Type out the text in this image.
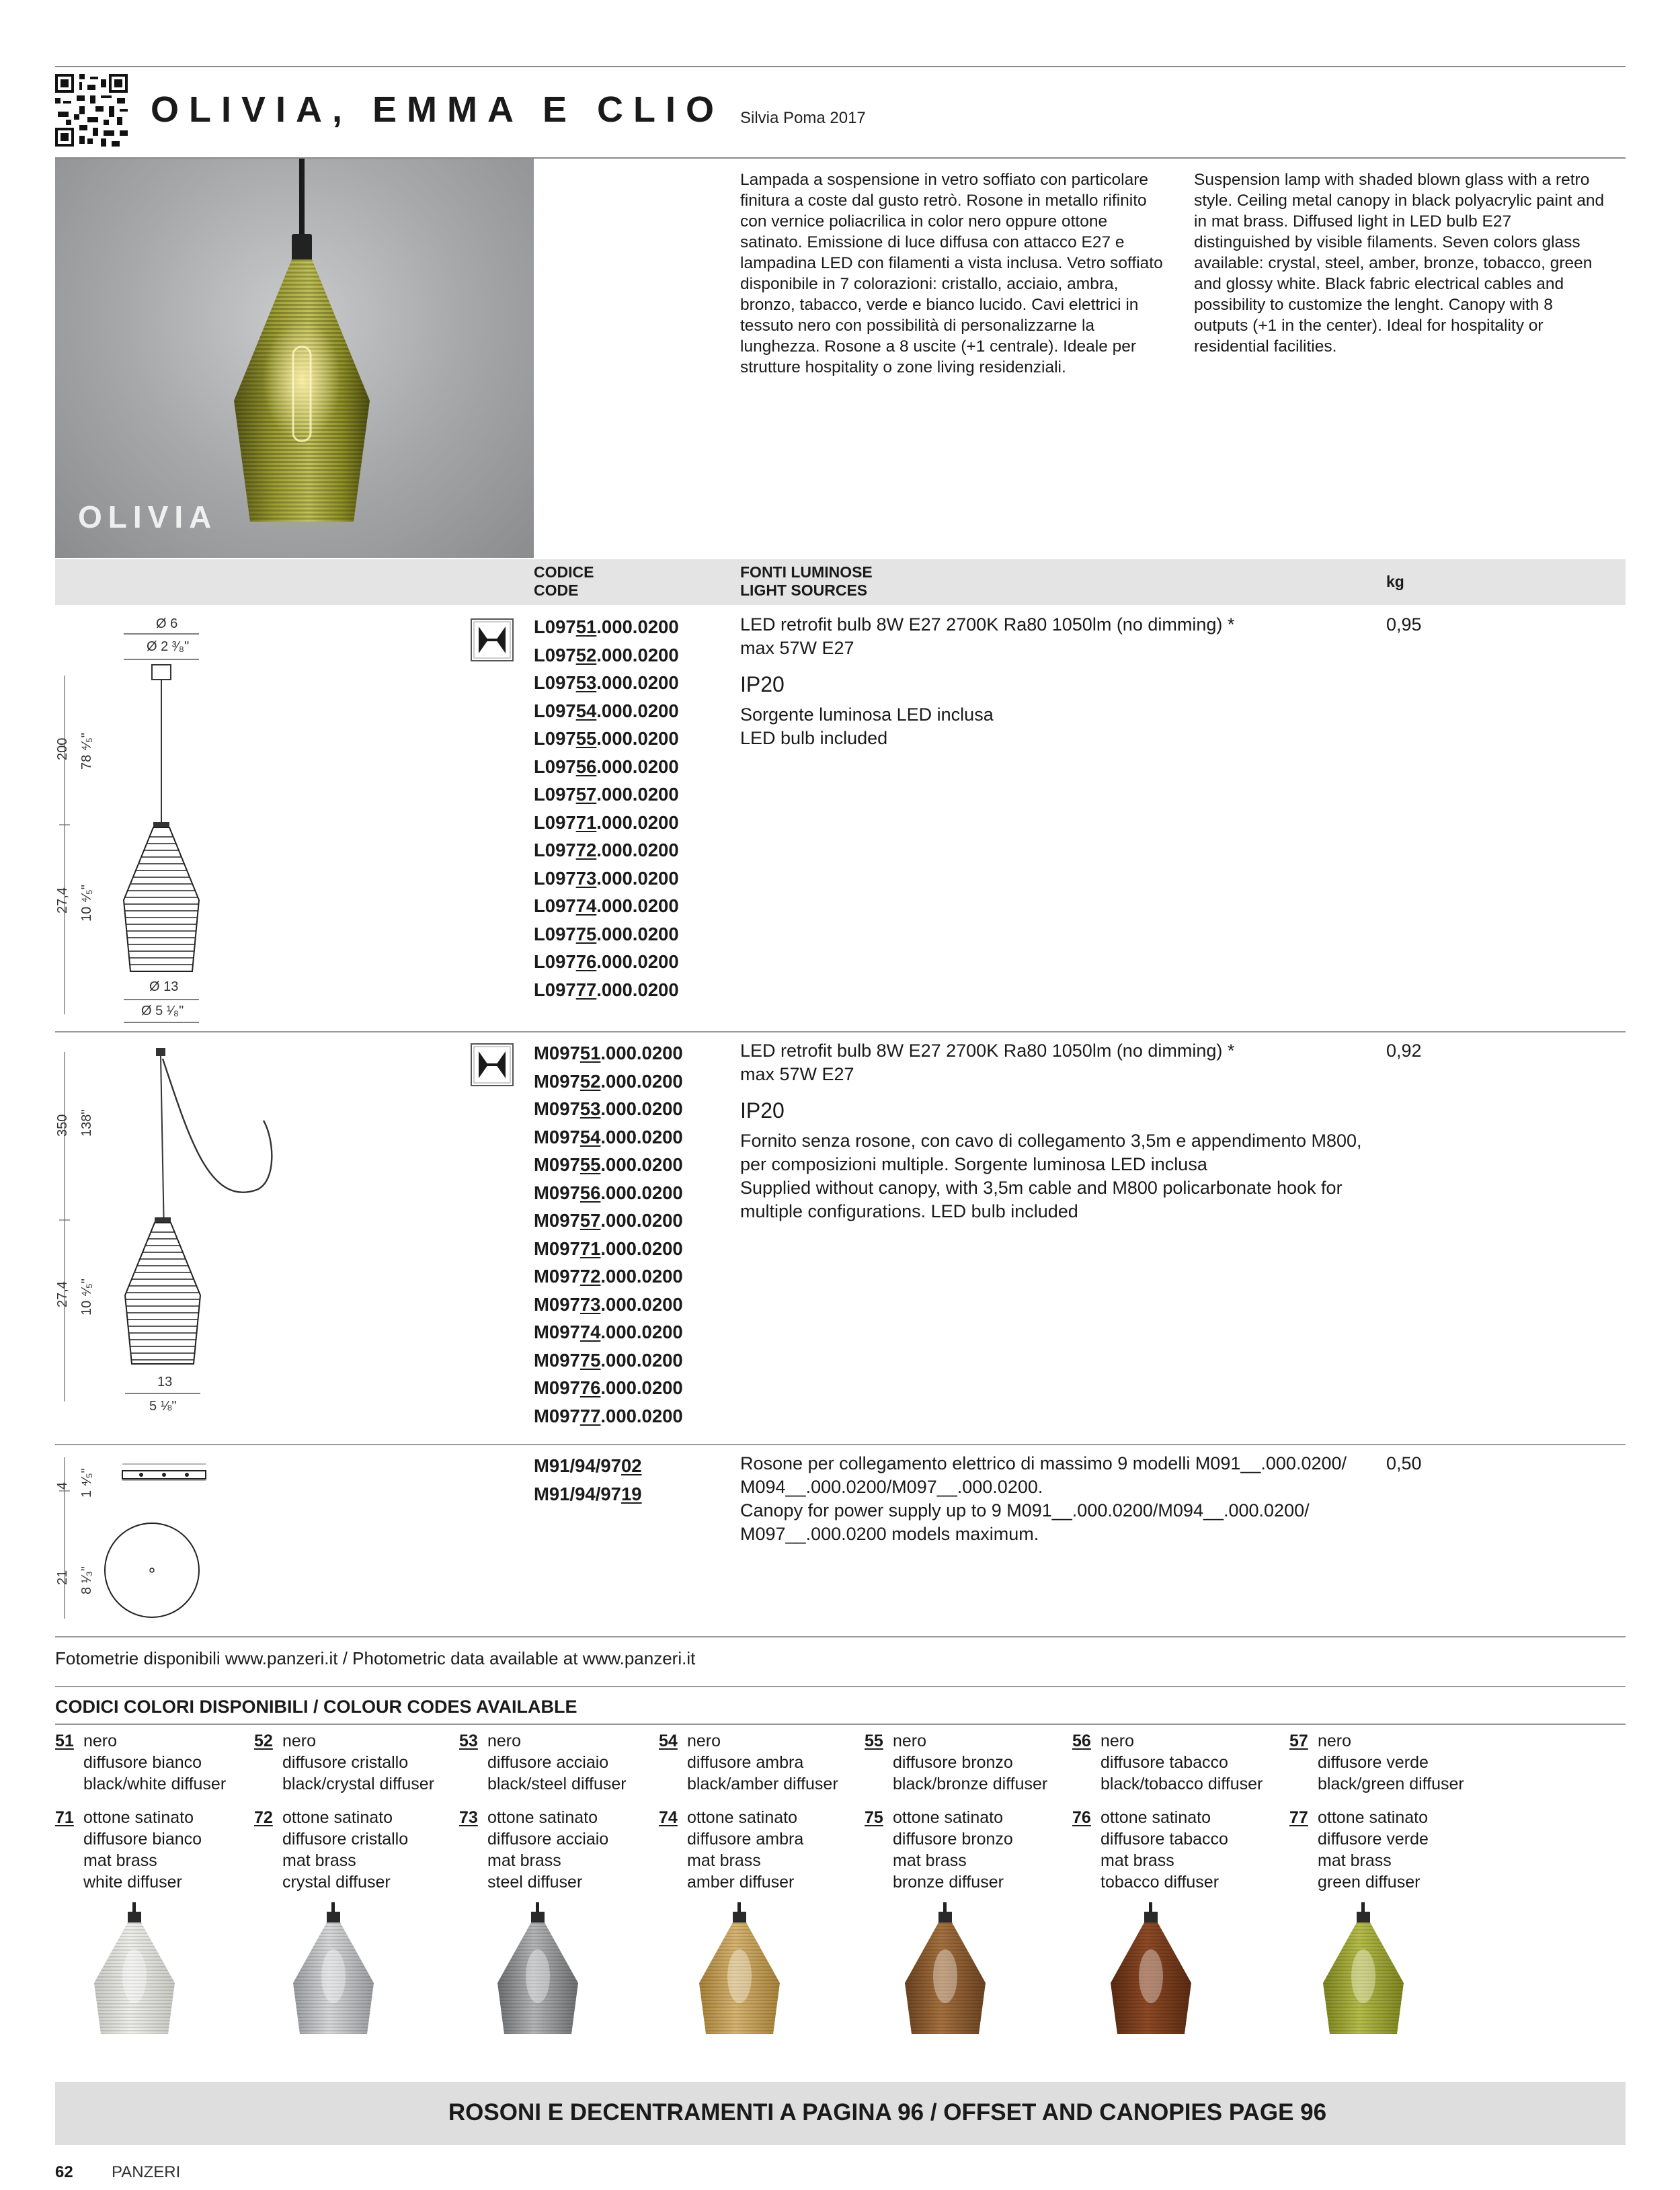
OLIVIA, EMMA E CLIO Silvia Poma 2017
OLIVIA
Lampada a sospensione in vetro soffiato con particolare finitura a coste dal gusto retrò. Rosone in metallo rifinito con vernice poliacrilica in color nero oppure ottone satinato. Emissione di luce diffusa con attacco E27 e lampadina LED con filamenti a vista inclusa. Vetro soffiato disponibile in 7 colorazioni: cristallo, acciaio, ambra, bronzo, tabacco, verde e bianco lucido. Cavi elettrici in tessuto nero con possibilità di personalizzarne la lunghezza. Rosone a 8 uscite (+1 centrale). Ideale per strutture hospitality o zone living residenziali.
Suspension lamp with shaded blown glass with a retro style. Ceiling metal canopy in black polyacrylic paint and in mat brass. Diffused light in LED bulb E27 distinguished by visible filaments. Seven colors glass available: crystal, steel, amber, bronze, tobacco, green and glossy white. Black fabric electrical cables and possibility to customize the lenght. Canopy with 8 outputs (+1 in the center). Ideal for hospitality or residential facilities.
CODICE
CODE
FONTI LUMINOSE
LIGHT SOURCES	kg
Ø 6
Ø 2 ³⁄₈"
200 78 ⁴⁄₅"
27,4 10 ⁴⁄₅"
Ø 13
Ø 5 ¹⁄₈"
L09751.000.0200
L09752.000.0200
L09753.000.0200
L09754.000.0200
L09755.000.0200
L09756.000.0200
L09757.000.0200
L09771.000.0200
L09772.000.0200
L09773.000.0200
L09774.000.0200
L09775.000.0200
L09776.000.0200
L09777.000.0200
LED retrofit bulb 8W E27 2700K Ra80 1050lm (no dimming) *
max 57W E27
IP20
Sorgente luminosa LED inclusa
LED bulb included
0,95
350 138"
27,4 10 ⁴⁄₅"
13
5 ⅛"
M09751.000.0200
M09752.000.0200
M09753.000.0200
M09754.000.0200
M09755.000.0200
M09756.000.0200
M09757.000.0200
M09771.000.0200
M09772.000.0200
M09773.000.0200
M09774.000.0200
M09775.000.0200
M09776.000.0200
M09777.000.0200
LED retrofit bulb 8W E27 2700K Ra80 1050lm (no dimming) *
max 57W E27
IP20
Fornito senza rosone, con cavo di collegamento 3,5m e appendimento M800,
per composizioni multiple. Sorgente luminosa LED inclusa
Supplied without canopy, with 3,5m cable and M800 policarbonate hook for
multiple configurations. LED bulb included
0,92
4 1 ⁴⁄₅"
21 8 ¹⁄₃"
M91/94/9702
M91/94/9719
Rosone per collegamento elettrico di massimo 9 modelli M091__.000.0200/
M094__.000.0200/M097__.000.0200.
Canopy for power supply up to 9 M091__.000.0200/M094__.000.0200/
M097__.000.0200 models maximum.
0,50
Fotometrie disponibili www.panzeri.it / Photometric data available at www.panzeri.it
CODICI COLORI DISPONIBILI / COLOUR CODES AVAILABLE
51 nero
diffusore bianco
black/white diffuser
52 nero
diffusore cristallo
black/crystal diffuser
53 nero
diffusore acciaio
black/steel diffuser
54 nero
diffusore ambra
black/amber diffuser
55 nero
diffusore bronzo
black/bronze diffuser
56 nero
diffusore tabacco
black/tobacco diffuser
57 nero
diffusore verde
black/green diffuser
71 ottone satinato
diffusore bianco
mat brass
white diffuser
72 ottone satinato
diffusore cristallo
mat brass
crystal diffuser
73 ottone satinato
diffusore acciaio
mat brass
steel diffuser
74 ottone satinato
diffusore ambra
mat brass
amber diffuser
75 ottone satinato
diffusore bronzo
mat brass
bronze diffuser
76 ottone satinato
diffusore tabacco
mat brass
tobacco diffuser
77 ottone satinato
diffusore verde
mat brass
green diffuser
ROSONI E DECENTRAMENTI A PAGINA 96 / OFFSET AND CANOPIES PAGE 96
62 PANZERI
